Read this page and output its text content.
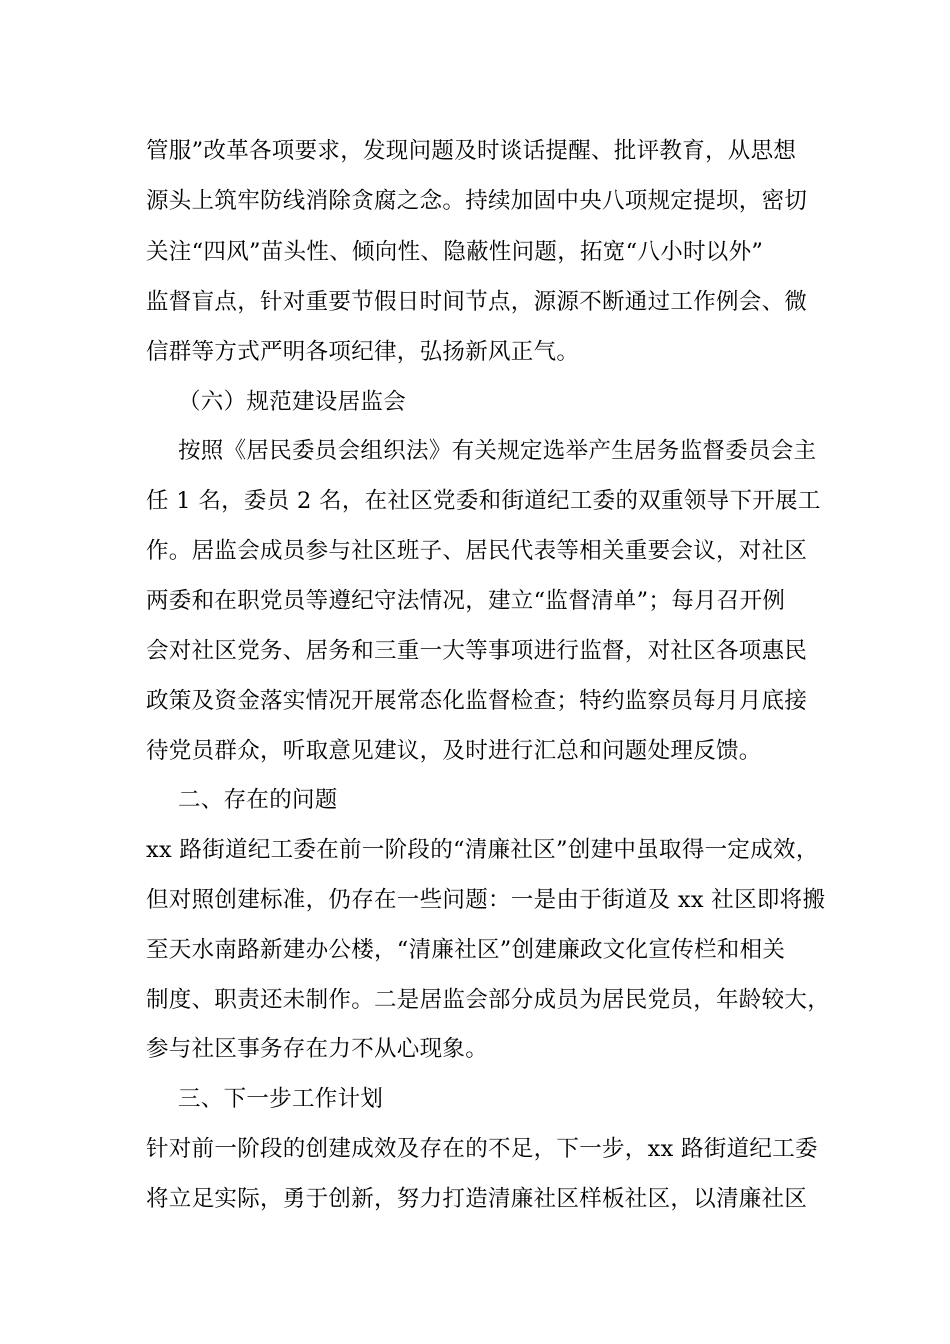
管服”改革各项要求，发现问题及时谈话提醒、批评教育，从思想
源头上筑牢防线消除贪腐之念。持续加固中央八项规定提坝，密切
关注“四风”苗头性、倾向性、隐蔽性问题，拓宽“八小时以外”
监督盲点，针对重要节假日时间节点，源源不断通过工作例会、微
信群等方式严明各项纪律，弘扬新风正气。
（六）规范建设居监会
按照《居民委员会组织法》有关规定选举产生居务监督委员会主
任 1 名，委员 2 名，在社区党委和街道纪工委的双重领导下开展工
作。居监会成员参与社区班子、居民代表等相关重要会议，对社区
两委和在职党员等遵纪守法情况，建立“监督清单”；每月召开例
会对社区党务、居务和三重一大等事项进行监督，对社区各项惠民
政策及资金落实情况开展常态化监督检查；特约监察员每月月底接
待党员群众，听取意见建议，及时进行汇总和问题处理反馈。
二、存在的问题
xx 路街道纪工委在前一阶段的“清廉社区”创建中虽取得一定成效，
但对照创建标准，仍存在一些问题：一是由于街道及 xx 社区即将搬
至天水南路新建办公楼，“清廉社区”创建廉政文化宣传栏和相关
制度、职责还未制作。二是居监会部分成员为居民党员，年龄较大，
参与社区事务存在力不从心现象。
三、下一步工作计划
针对前一阶段的创建成效及存在的不足，下一步，xx 路街道纪工委
将立足实际，勇于创新，努力打造清廉社区样板社区，以清廉社区
